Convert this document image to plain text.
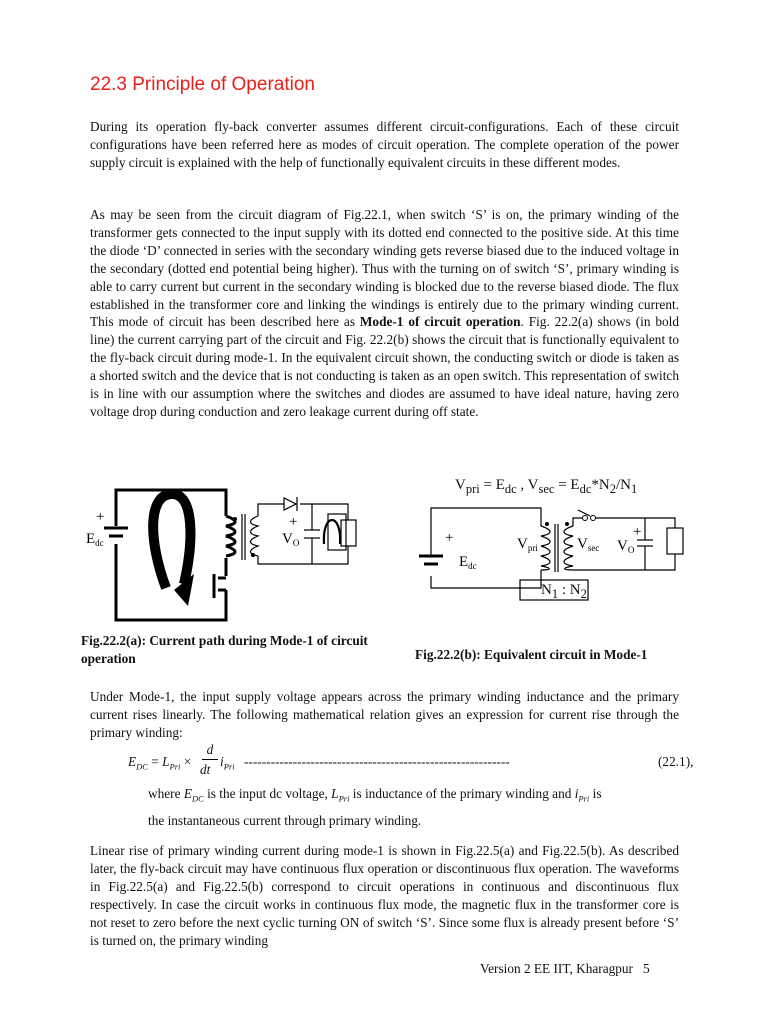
22.3 Principle of Operation

During its operation fly-back converter assumes different circuit-configurations. Each of these circuit configurations have been referred here as modes of circuit operation. The complete operation of the power supply circuit is explained with the help of functionally equivalent circuits in these different modes.

As may be seen from the circuit diagram of Fig.22.1, when switch ‘S’ is on, the primary winding of the transformer gets connected to the input supply with its dotted end connected to the positive side. At this time the diode ‘D’ connected in series with the secondary winding gets reverse biased due to the induced voltage in the secondary (dotted end potential being higher). Thus with the turning on of switch ‘S’, primary winding is able to carry current but current in the secondary winding is blocked due to the reverse biased diode. The flux established in the transformer core and linking the windings is entirely due to the primary winding current. This mode of circuit has been described here as Mode-1 of circuit operation. Fig. 22.2(a) shows (in bold line) the current carrying part of the circuit and Fig. 22.2(b) shows the circuit that is functionally equivalent to the fly-back circuit during mode-1. In the equivalent circuit shown, the conducting switch or diode is taken as a shorted switch and the device that is not conducting is taken as an open switch. This representation of switch is in line with our assumption where the switches and diodes are assumed to have ideal nature, having zero voltage drop during conduction and zero leakage current during off state.

+
$E_{dc}$
+
$V_O$
Fig.22.2(a): Current path during Mode-1 of circuit operation
$V_{pri} = E_{dc}$ , $V_{sec} = E_{dc}*N_2/N_1$
+
$E_{dc}$
$V_{pri}$	$V_{sec}$ $V_O$
+
$N_1$ : $N_2$
Fig.22.2(b): Equivalent circuit in Mode-1

Under Mode-1, the input supply voltage appears across the primary winding inductance and the primary current rises linearly. The following mathematical relation gives an expression for current rise through the primary winding:

$E_{DC} = L_{Pri}$ ×
d
dt
$i_{Pri}$ ------------------------------------------------------------	(22.1),
where $E_{DC}$ is the input dc voltage, $L_{Pri}$ is inductance of the primary winding and $i_{Pri}$ is
the instantaneous current through primary winding.

Linear rise of primary winding current during mode-1 is shown in Fig.22.5(a) and Fig.22.5(b). As described later, the fly-back circuit may have continuous flux operation or discontinuous flux operation. The waveforms in Fig.22.5(a) and Fig.22.5(b) correspond to circuit operations in continuous and discontinuous flux respectively. In case the circuit works in continuous flux mode, the magnetic flux in the transformer core is not reset to zero before the next cyclic turning ON of switch ‘S’. Since some flux is already present before ‘S’ is turned on, the primary winding

Version 2 EE IIT, Kharagpur 5
